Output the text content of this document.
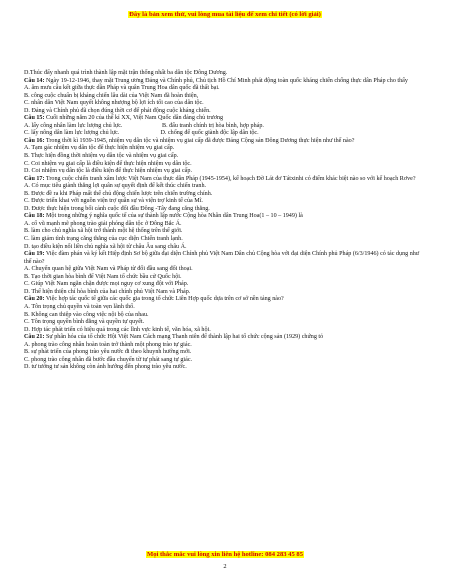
Đây là bản xem thử, vui lòng mua tài liệu để xem chi tiết (có lời giải)
D.Thúc đẩy nhanh quá trình thành lập mặt trận thống nhất ba dân tộc Đông Dương.
Câu 14: Ngày 19-12-1946, thay mặt Trung ương Đảng và Chính phủ, Chủ tịch Hồ Chí Minh phát động toàn quốc kháng chiến chống thực dân Pháp cho thấy
A. âm mưu câu kết giữa thực dân Pháp và quân Trung Hoa dân quốc đã thất bại.
B. công cuộc chuẩn bị kháng chiến lâu dài của Việt Nam đã hoàn thiện,
C. nhân dân Việt Nam quyết không nhượng bộ lợi ích tối cao của dân tộc.
D. Đảng và Chính phủ đã chọn đúng thời cơ để phát động cuộc kháng chiến.
Câu 15: Cuối những năm 20 của thế kỉ XX, Việt Nam Quốc dân đảng chủ trương
A. lấy công nhân làm lực lượng chủ lực.                          B. đấu tranh chính trị hòa bình, hợp pháp.
C. lấy nông dân làm lực lượng chủ lực.                           D. chống đế quốc giành độc lập dân tộc.
Câu 16: Trong thời kì 1939-1945, nhiệm vụ dân tộc và nhiệm vụ giai cấp đã được Đảng Cộng sản Đông Dương thực hiện như thế nào?
A. Tạm gác nhiệm vụ dân tộc để thực hiện nhiệm vụ giai cấp.
B. Thực hiện đồng thời nhiệm vụ dân tộc và nhiệm vụ giai cấp.
C. Coi nhiệm vụ giai cấp là điều kiện để thực hiện nhiệm vụ dân tộc.
D. Coi nhiệm vụ dân tộc là điều kiện để thực hiện nhiệm vụ giai cấp.
Câu 17: Trong cuộc chiến tranh xâm lược Việt Nam của thực dân Pháp (1945-1954), kế hoạch Đờ Lát đơ Tátxinhi có điểm khác biệt nào so với kế hoạch Rơve?
A. Có mục tiêu giành thắng lợi quân sự quyết định để kết thúc chiến tranh.
B. Được đề ra khi Pháp mất thế chủ động chiến lược trên chiến trường chính.
C. Được triển khai với nguồn viện trợ quân sự và viện trợ kinh tế của Mĩ.
D. Được thực hiện trong bối cảnh cuộc đối đầu Đông -Tây đang căng thẳng.
Câu 18: Một trong những ý nghĩa quốc tế của sự thành lập nước Cộng hòa Nhân dân Trung Hoa(1 – 10 – 1949) là
A. cổ vũ mạnh mẽ phong trào giải phóng dân tộc ở Đông Bắc Á.
B. làm cho chủ nghĩa xã hội trở thành một hệ thống trên thế giới.
C. làm giảm tình trạng căng thẳng của cục diện Chiến tranh lạnh.
D. tạo điều kiện nối liền chủ nghĩa xã hội từ châu Âu sang châu Á.
Câu 19: Việc đàm phán và ký kết Hiệp định Sơ bộ giữa đại diện Chính phủ Việt Nam Dân chủ Cộng hòa với đại diện Chính phủ Pháp (6/3/1946) có tác dụng như thế nào?
A. Chuyển quan hệ giữa Việt Nam và Pháp từ đối đầu sang đối thoại.
B. Tạo thời gian hòa bình để Việt Nam tổ chức bầu cử Quốc hội.
C. Giúp Việt Nam ngăn chặn được mọi nguy cơ xung đột với Pháp.
D. Thể hiện thiện chí hòa bình của hai chính phủ Việt Nam và Pháp.
Câu 20: Việc hợp tác quốc tế giữa các quốc gia trong tổ chức Liên Hợp quốc dựa trên cơ sở nền tảng nào?
A. Tôn trọng chủ quyền và toàn vẹn lãnh thổ.
B. Không can thiệp vào công việc nội bộ của nhau.
C. Tôn trọng quyền bình đẳng và quyền tự quyết.
D. Hợp tác phát triển có hiệu quả trong các lĩnh vực kinh tế, văn hóa, xã hội.
Câu 21: Sự phân hóa của tổ chức Hội Việt Nam Cách mạng Thanh niên để thành lập hai tổ chức cộng sản (1929) chứng tỏ
A. phong trào công nhân hoàn toàn trở thành một phong trào tự giác.
B. sự phát triển của phong trào yêu nước đi theo khuynh hướng mới.
C. phong trào công nhân đã bước đầu chuyển từ tự phát sang tự giác.
D. tư tưởng tư sản không còn ảnh hưởng đến phong trào yêu nước.
Mọi thắc mắc vui lòng xin liên hệ hotline: 084 283 45 85
2
